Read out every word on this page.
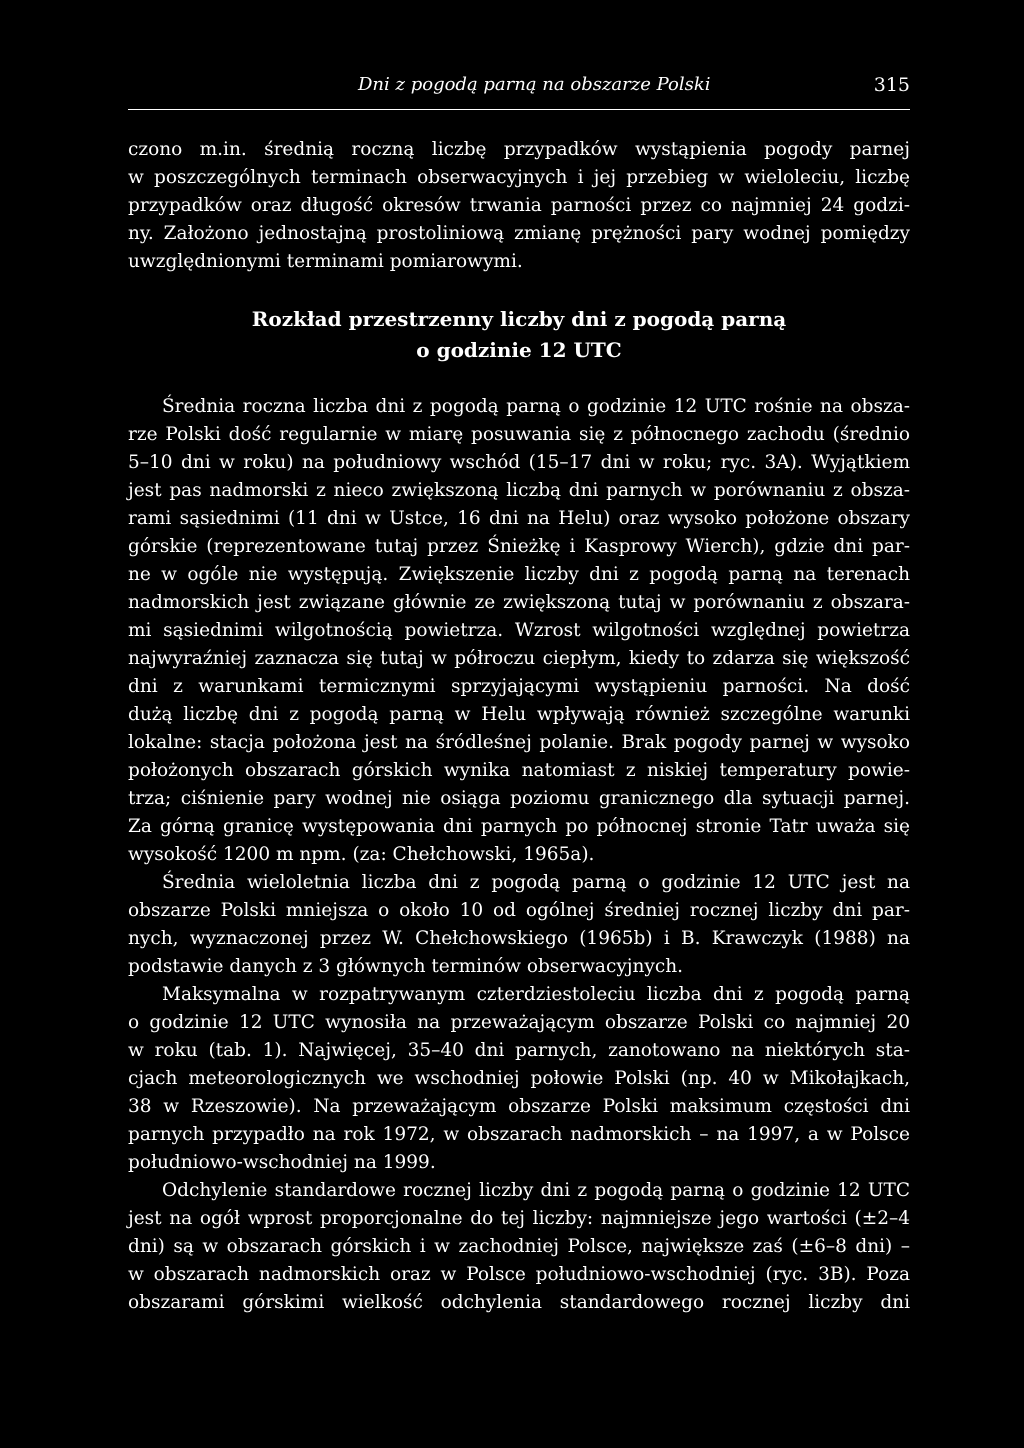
Dni z pogodą parną na obszarze Polski	315
czono m.in. średnią roczną liczbę przypadków wystąpienia pogody parnej
w poszczególnych terminach obserwacyjnych i jej przebieg w wieloleciu, liczbę
przypadków oraz długość okresów trwania parności przez co najmniej 24 godzi-
ny. Założono jednostajną prostoliniową zmianę prężności pary wodnej pomiędzy
uwzględnionymi terminami pomiarowymi.
Rozkład przestrzenny liczby dni z pogodą parną
o godzinie 12 UTC
Średnia roczna liczba dni z pogodą parną o godzinie 12 UTC rośnie na obsza-
rze Polski dość regularnie w miarę posuwania się z północnego zachodu (średnio
5–10 dni w roku) na południowy wschód (15–17 dni w roku; ryc. 3A). Wyjątkiem
jest pas nadmorski z nieco zwiększoną liczbą dni parnych w porównaniu z obsza-
rami sąsiednimi (11 dni w Ustce, 16 dni na Helu) oraz wysoko położone obszary
górskie (reprezentowane tutaj przez Śnieżkę i Kasprowy Wierch), gdzie dni par-
ne w ogóle nie występują. Zwiększenie liczby dni z pogodą parną na terenach
nadmorskich jest związane głównie ze zwiększoną tutaj w porównaniu z obszara-
mi sąsiednimi wilgotnością powietrza. Wzrost wilgotności względnej powietrza
najwyraźniej zaznacza się tutaj w półroczu ciepłym, kiedy to zdarza się większość
dni z warunkami termicznymi sprzyjającymi wystąpieniu parności. Na dość
dużą liczbę dni z pogodą parną w Helu wpływają również szczególne warunki
lokalne: stacja położona jest na śródleśnej polanie. Brak pogody parnej w wysoko
położonych obszarach górskich wynika natomiast z niskiej temperatury powie-
trza; ciśnienie pary wodnej nie osiąga poziomu granicznego dla sytuacji parnej.
Za górną granicę występowania dni parnych po północnej stronie Tatr uważa się
wysokość 1200 m npm. (za: Chełchowski, 1965a).
Średnia wieloletnia liczba dni z pogodą parną o godzinie 12 UTC jest na
obszarze Polski mniejsza o około 10 od ogólnej średniej rocznej liczby dni par-
nych, wyznaczonej przez W. Chełchowskiego (1965b) i B. Krawczyk (1988) na
podstawie danych z 3 głównych terminów obserwacyjnych.
Maksymalna w rozpatrywanym czterdziestoleciu liczba dni z pogodą parną
o godzinie 12 UTC wynosiła na przeważającym obszarze Polski co najmniej 20
w roku (tab. 1). Najwięcej, 35–40 dni parnych, zanotowano na niektórych sta-
cjach meteorologicznych we wschodniej połowie Polski (np. 40 w Mikołajkach,
38 w Rzeszowie). Na przeważającym obszarze Polski maksimum częstości dni
parnych przypadło na rok 1972, w obszarach nadmorskich – na 1997, a w Polsce
południowo-wschodniej na 1999.
Odchylenie standardowe rocznej liczby dni z pogodą parną o godzinie 12 UTC
jest na ogół wprost proporcjonalne do tej liczby: najmniejsze jego wartości (±2–4
dni) są w obszarach górskich i w zachodniej Polsce, największe zaś (±6–8 dni) –
w obszarach nadmorskich oraz w Polsce południowo-wschodniej (ryc. 3B). Poza
obszarami górskimi wielkość odchylenia standardowego rocznej liczby dni
